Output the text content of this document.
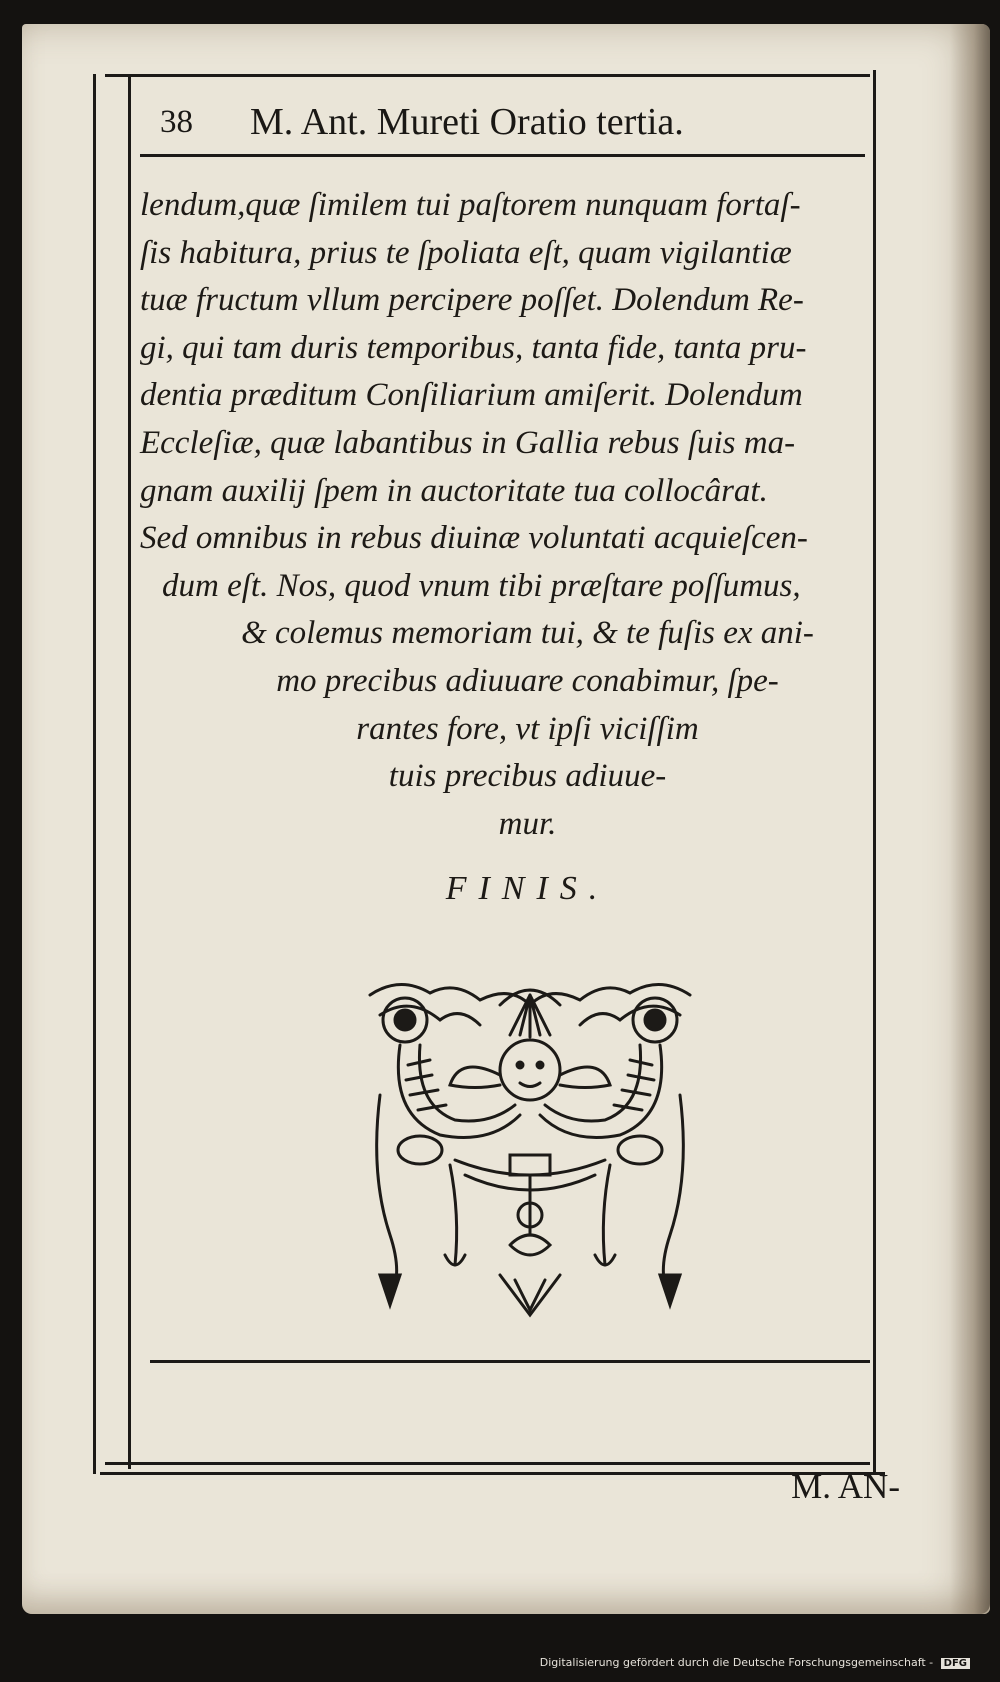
38 M. Ant. Mureti Oratio tertia.
lendum,quæ ſimilem tui paſtorem nunquam fortaſ-
ſis habitura, prius te ſpoliata eſt, quam vigilantiæ
tuæ fructum vllum percipere poſſet. Dolendum Re-
gi, qui tam duris temporibus, tanta fide, tanta pru-
dentia præditum Conſiliarium amiſerit. Dolendum
Eccleſiæ, quæ labantibus in Gallia rebus ſuis ma-
gnam auxilij ſpem in auctoritate tua collocârat.
Sed omnibus in rebus diuinæ voluntati acquieſcen-
dum eſt. Nos, quod vnum tibi præſtare poſſumus,
& colemus memoriam tui, & te fuſis ex ani-
mo precibus adiuuare conabimur, ſpe-
rantes fore, vt ipſi viciſſim
tuis precibus adiuue-
mur.
FINIS.
M. AN-
Digitalisierung gefördert durch die Deutsche Forschungsgemeinschaft - DFG
